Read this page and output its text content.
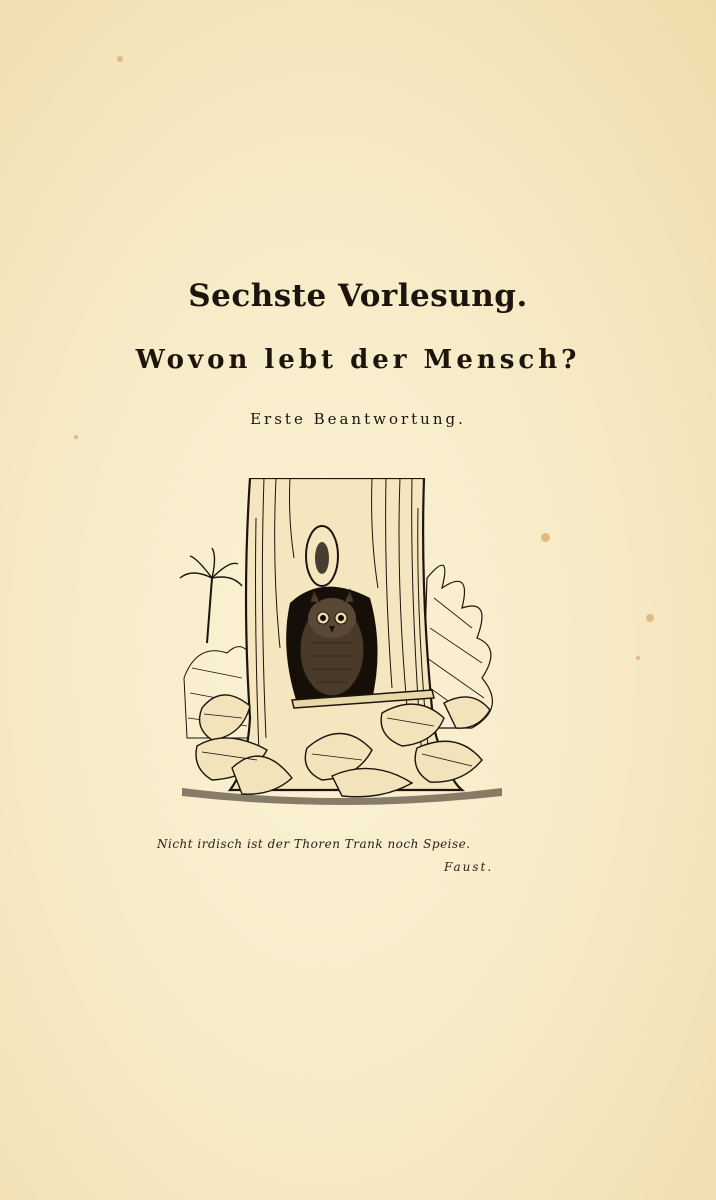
Sechste Vorlesung.
Wovon lebt der Mensch?
Erste Beantwortung.
Nicht irdisch ist der Thoren Trank noch Speise.
Faust.
